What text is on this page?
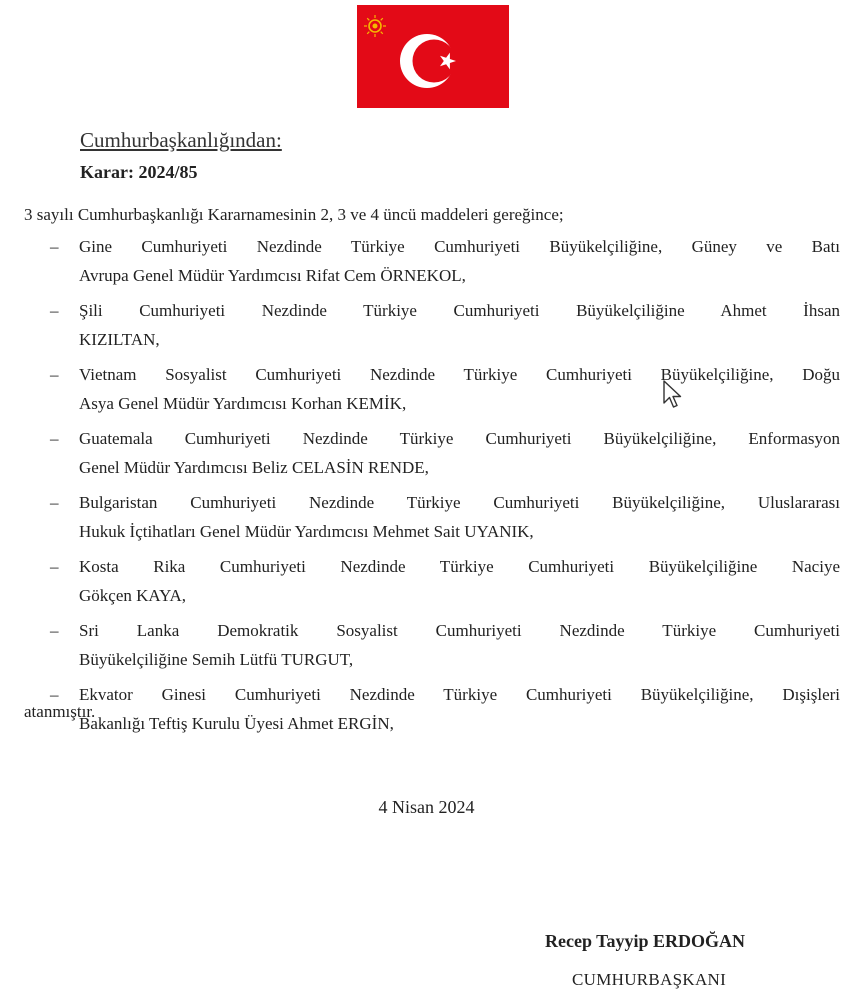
Cumhurbaşkanlığından:
Karar: 2024/85
3 sayılı Cumhurbaşkanlığı Kararnamesinin 2, 3 ve 4 üncü maddeleri gereğince;
– Gine Cumhuriyeti Nezdinde Türkiye Cumhuriyeti Büyükelçiliğine, Güney ve Batı
Avrupa Genel Müdür Yardımcısı Rifat Cem ÖRNEKOL,
– Şili Cumhuriyeti Nezdinde Türkiye Cumhuriyeti Büyükelçiliğine Ahmet İhsan
KIZILTAN,
– Vietnam Sosyalist Cumhuriyeti Nezdinde Türkiye Cumhuriyeti Büyükelçiliğine, Doğu
Asya Genel Müdür Yardımcısı Korhan KEMİK,
– Guatemala Cumhuriyeti Nezdinde Türkiye Cumhuriyeti Büyükelçiliğine, Enformasyon
Genel Müdür Yardımcısı Beliz CELASİN RENDE,
– Bulgaristan Cumhuriyeti Nezdinde Türkiye Cumhuriyeti Büyükelçiliğine, Uluslararası
Hukuk İçtihatları Genel Müdür Yardımcısı Mehmet Sait UYANIK,
– Kosta Rika Cumhuriyeti Nezdinde Türkiye Cumhuriyeti Büyükelçiliğine Naciye
Gökçen KAYA,
– Sri Lanka Demokratik Sosyalist Cumhuriyeti Nezdinde Türkiye Cumhuriyeti
Büyükelçiliğine Semih Lütfü TURGUT,
– Ekvator Ginesi Cumhuriyeti Nezdinde Türkiye Cumhuriyeti Büyükelçiliğine, Dışişleri
Bakanlığı Teftiş Kurulu Üyesi Ahmet ERGİN,
atanmıştır.
4 Nisan 2024
Recep Tayyip ERDOĞAN
CUMHURBAŞKANI
